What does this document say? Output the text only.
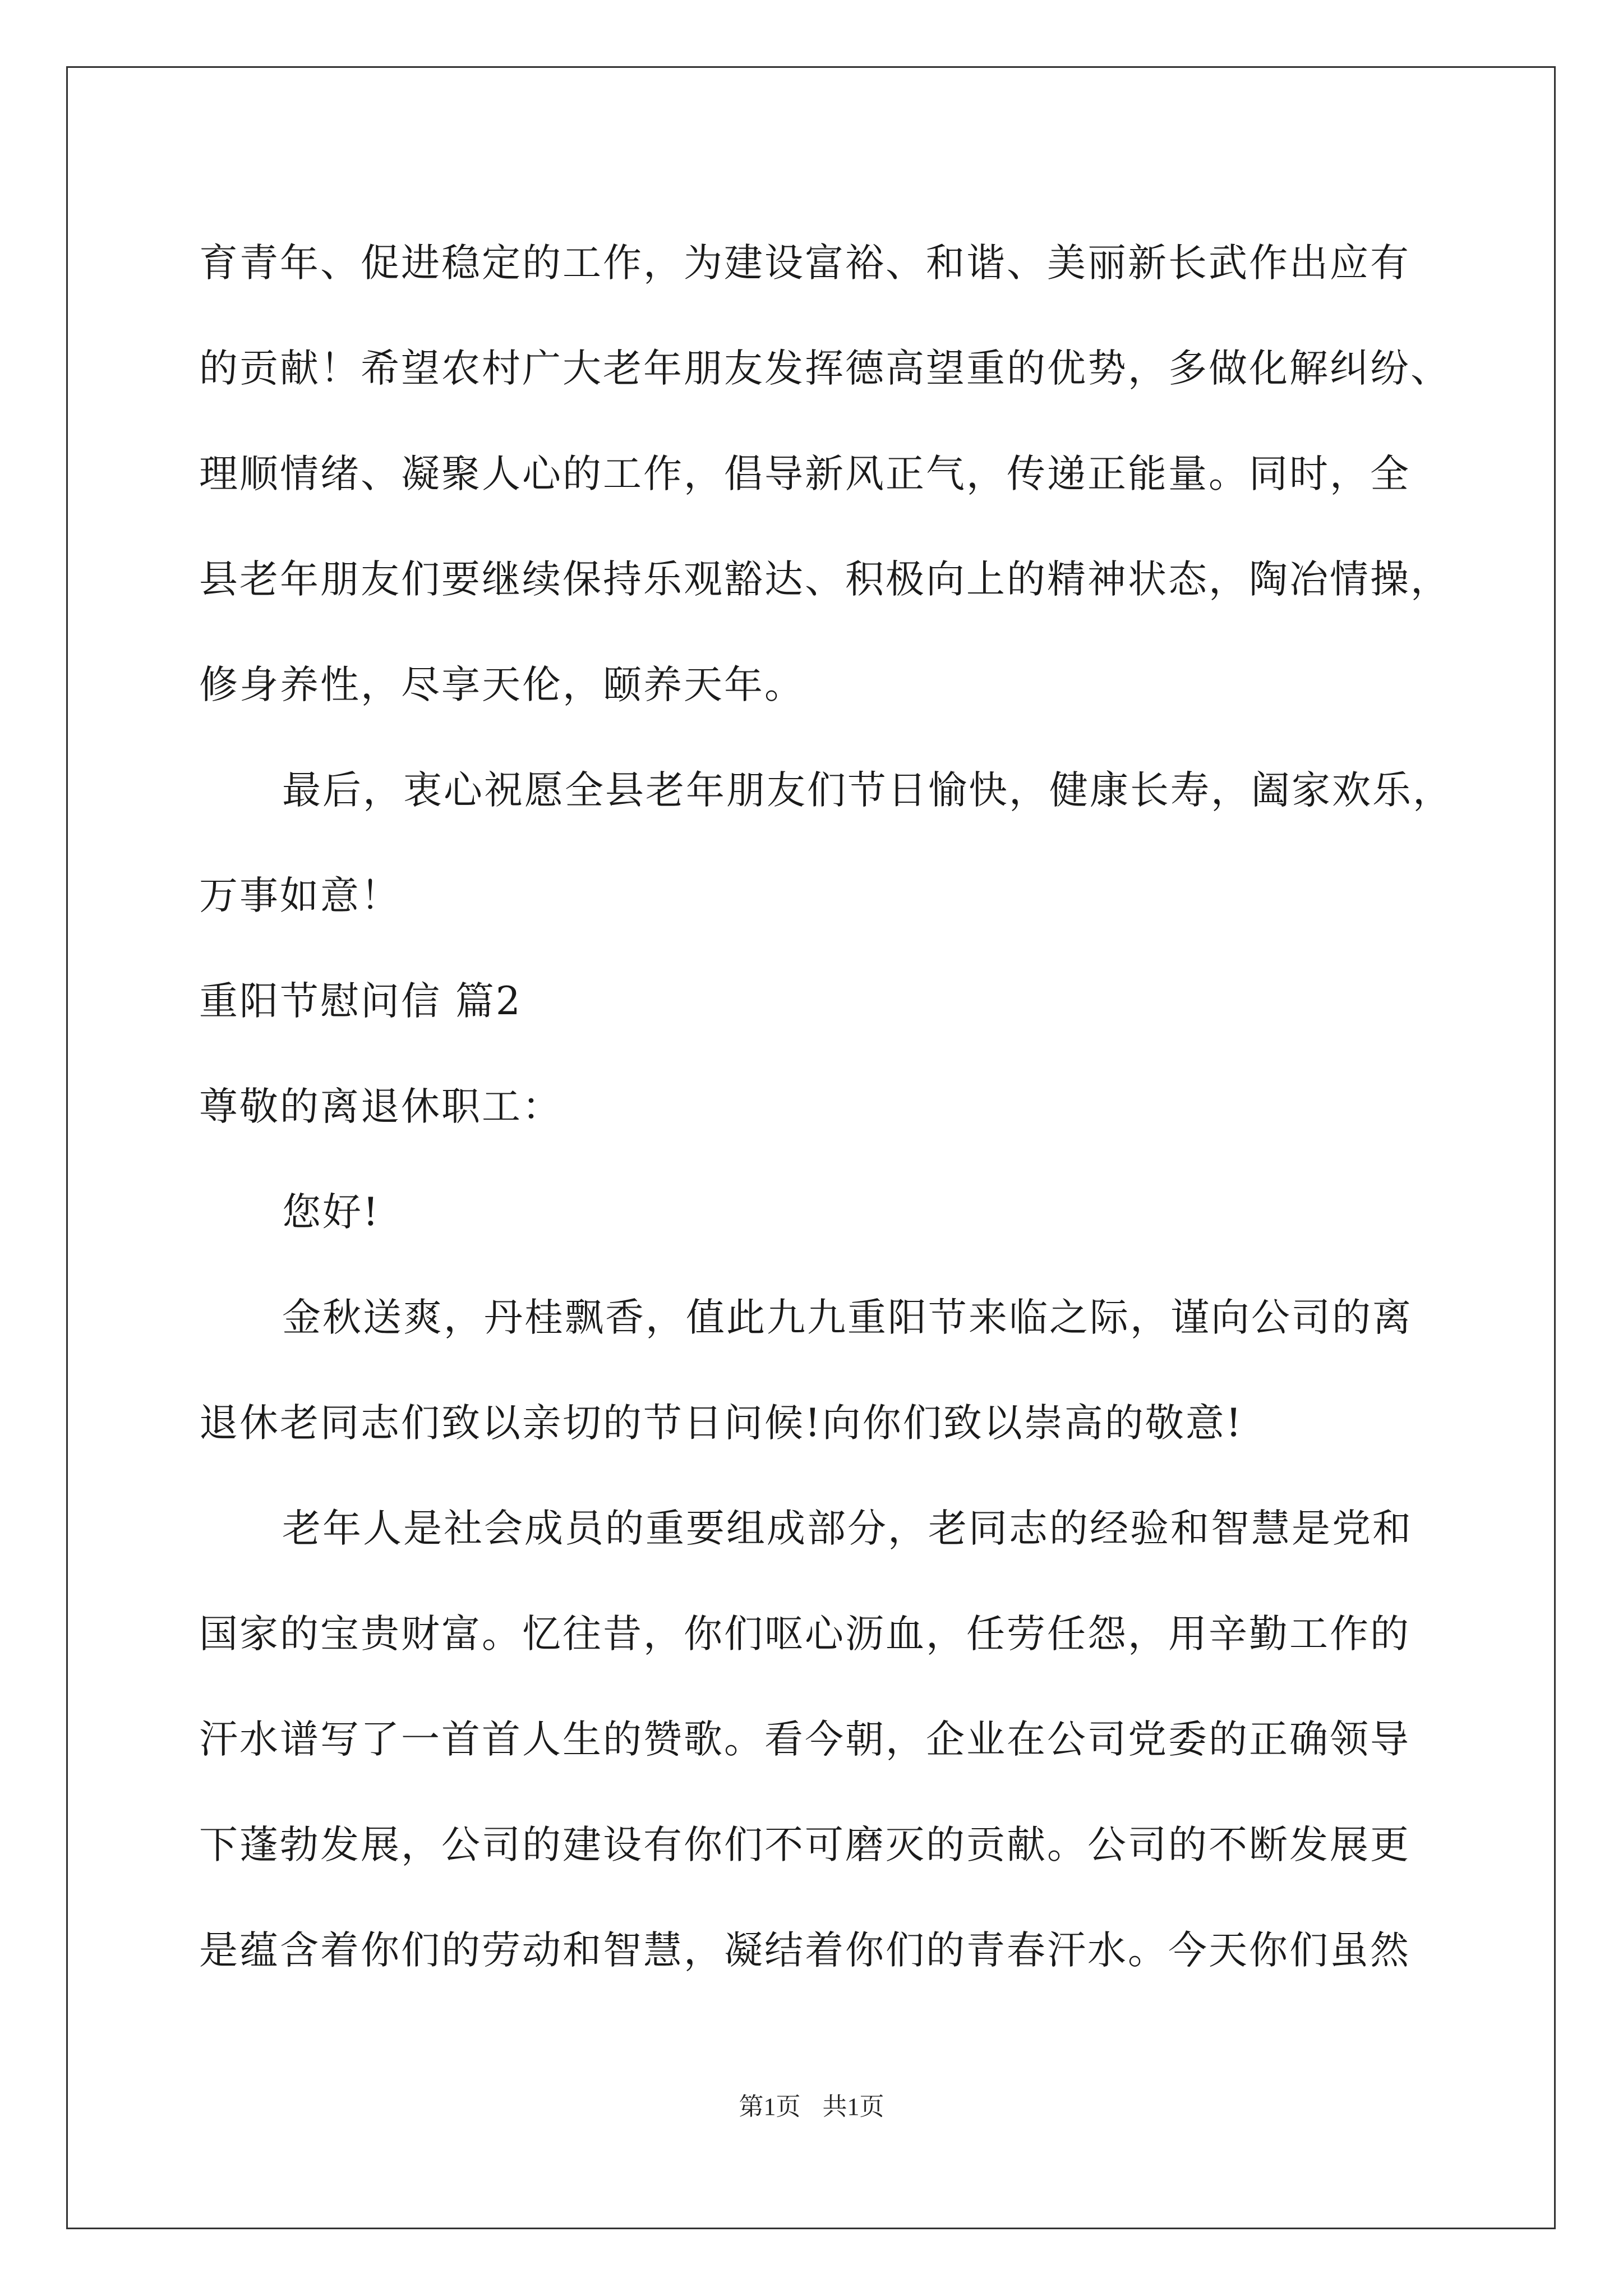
育青年、促进稳定的工作，为建设富裕、和谐、美丽新长武作出应有
的贡献！希望农村广大老年朋友发挥德高望重的优势，多做化解纠纷、
理顺情绪、凝聚人心的工作，倡导新风正气，传递正能量。同时，全
县老年朋友们要继续保持乐观豁达、积极向上的精神状态，陶冶情操，
修身养性，尽享天伦，颐养天年。
最后，衷心祝愿全县老年朋友们节日愉快，健康长寿，阖家欢乐，
万事如意！
重阳节慰问信 篇2
尊敬的离退休职工：
您好!
金秋送爽，丹桂飘香，值此九九重阳节来临之际，谨向公司的离
退休老同志们致以亲切的节日问候!向你们致以崇高的敬意!
老年人是社会成员的重要组成部分，老同志的经验和智慧是党和
国家的宝贵财富。忆往昔，你们呕心沥血，任劳任怨，用辛勤工作的
汗水谱写了一首首人生的赞歌。看今朝，企业在公司党委的正确领导
下蓬勃发展，公司的建设有你们不可磨灭的贡献。公司的不断发展更
是蕴含着你们的劳动和智慧，凝结着你们的青春汗水。今天你们虽然
第1页 共1页
